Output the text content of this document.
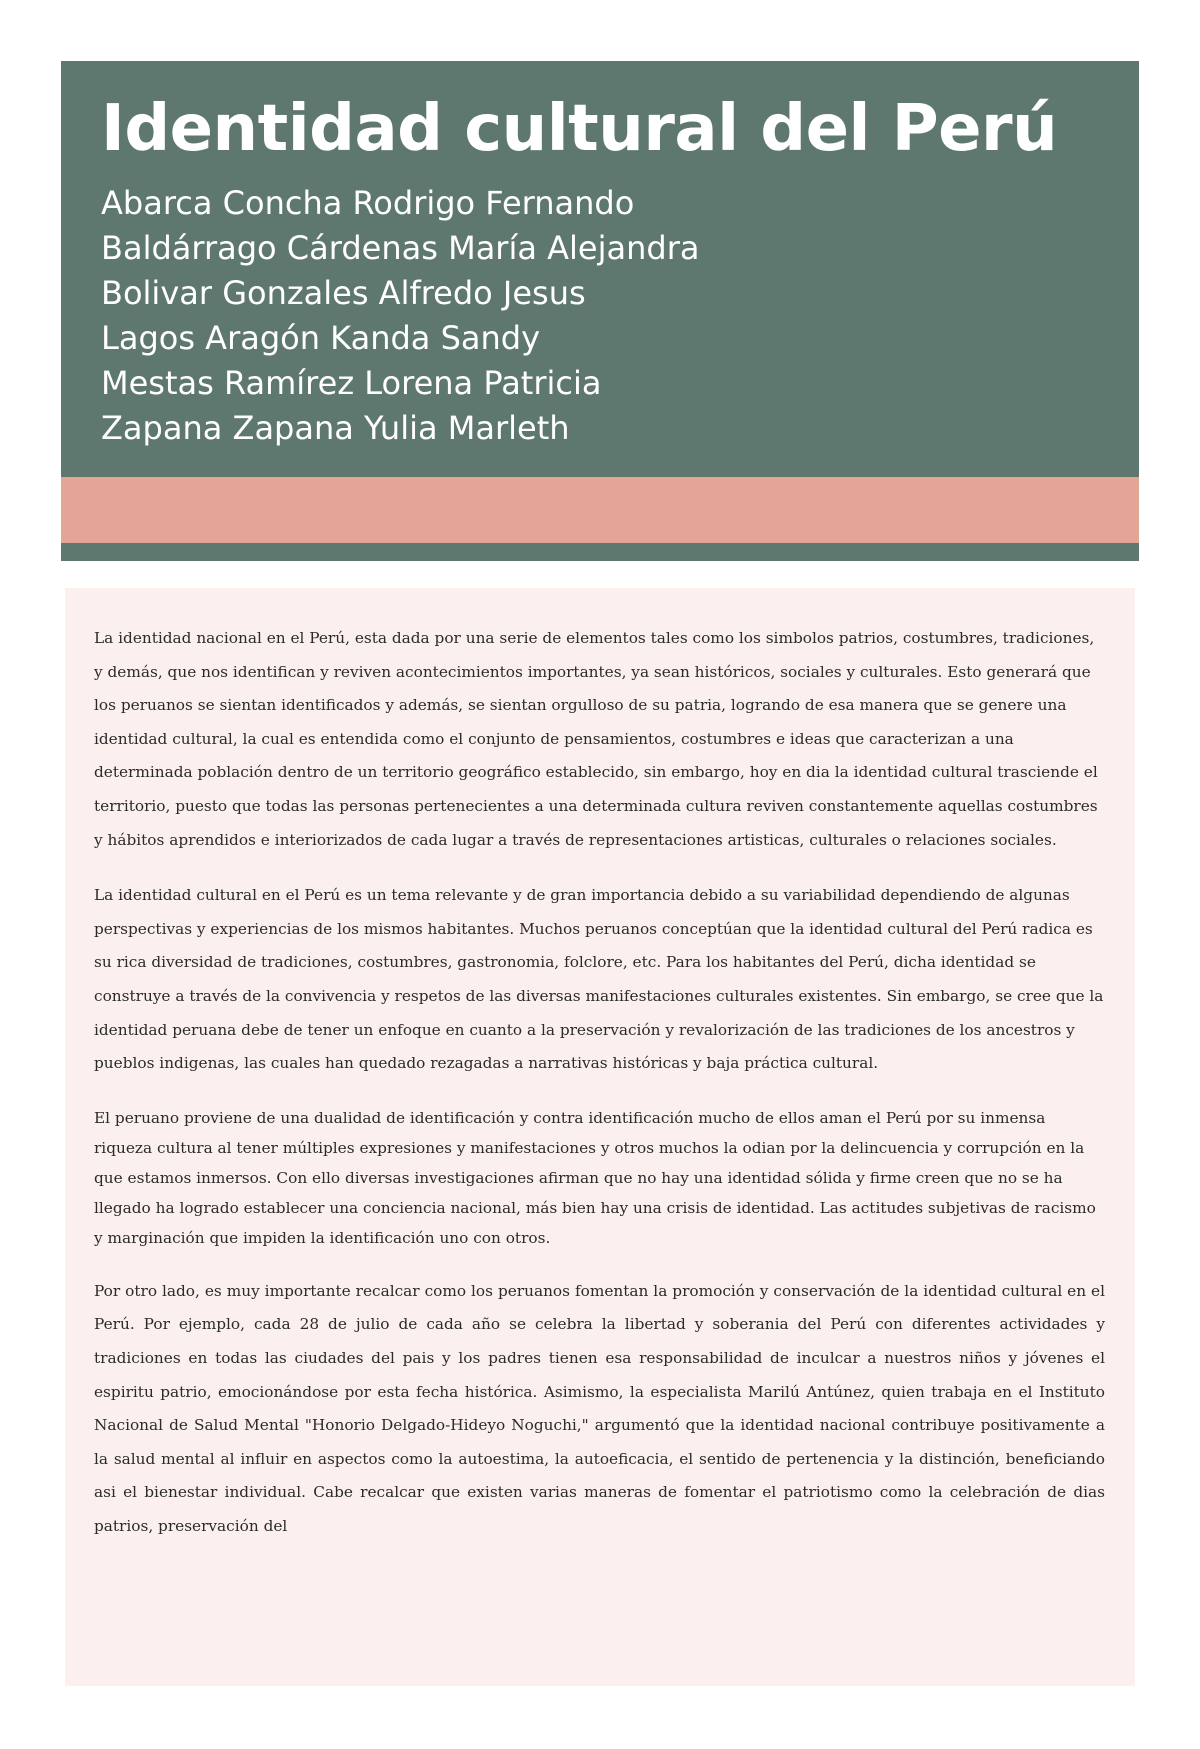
Identidad cultural del Perú
Abarca Concha Rodrigo Fernando
Baldárrago Cárdenas María Alejandra
Bolivar Gonzales Alfredo Jesus
Lagos Aragón Kanda Sandy
Mestas Ramírez Lorena Patricia
Zapana Zapana Yulia Marleth

La identidad nacional en el Perú, esta dada por una serie de elementos tales como los simbolos patrios, costumbres, tradiciones, y demás, que nos identifican y reviven acontecimientos importantes, ya sean históricos, sociales y culturales. Esto generará que los peruanos se sientan identificados y además, se sientan orgulloso de su patria, logrando de esa manera que se genere una identidad cultural, la cual es entendida como el conjunto de pensamientos, costumbres e ideas que caracterizan a una determinada población dentro de un territorio geográfico establecido, sin embargo, hoy en dia la identidad cultural trasciende el territorio, puesto que todas las personas pertenecientes a una determinada cultura reviven constantemente aquellas costumbres y hábitos aprendidos e interiorizados de cada lugar a través de representaciones artisticas, culturales o relaciones sociales.

La identidad cultural en el Perú es un tema relevante y de gran importancia debido a su variabilidad dependiendo de algunas perspectivas y experiencias de los mismos habitantes. Muchos peruanos conceptúan que la identidad cultural del Perú radica es su rica diversidad de tradiciones, costumbres, gastronomia, folclore, etc. Para los habitantes del Perú, dicha identidad se construye a través de la convivencia y respetos de las diversas manifestaciones culturales existentes. Sin embargo, se cree que la identidad peruana debe de tener un enfoque en cuanto a la preservación y revalorización de las tradiciones de los ancestros y pueblos indigenas, las cuales han quedado rezagadas a narrativas históricas y baja práctica cultural.

El peruano proviene de una dualidad de identificación y contra identificación mucho de ellos aman el Perú por su inmensa riqueza cultura al tener múltiples expresiones y manifestaciones y otros muchos la odian por la delincuencia y corrupción en la que estamos inmersos. Con ello diversas investigaciones afirman que no hay una identidad sólida y firme creen que no se ha llegado ha logrado establecer una conciencia nacional, más bien hay una crisis de identidad. Las actitudes subjetivas de racismo y marginación que impiden la identificación uno con otros.

Por otro lado, es muy importante recalcar como los peruanos fomentan la promoción y conservación de la identidad cultural en el Perú. Por ejemplo, cada 28 de julio de cada año se celebra la libertad y soberania del Perú con diferentes actividades y tradiciones en todas las ciudades del pais y los padres tienen esa responsabilidad de inculcar a nuestros niños y jóvenes el espiritu patrio, emocionándose por esta fecha histórica. Asimismo, la especialista Marilú Antúnez, quien trabaja en el Instituto Nacional de Salud Mental "Honorio Delgado-Hideyo Noguchi," argumentó que la identidad nacional contribuye positivamente a la salud mental al influir en aspectos como la autoestima, la autoeficacia, el sentido de pertenencia y la distinción, beneficiando asi el bienestar individual. Cabe recalcar que existen varias maneras de fomentar el patriotismo como la celebración de dias patrios, preservación del
